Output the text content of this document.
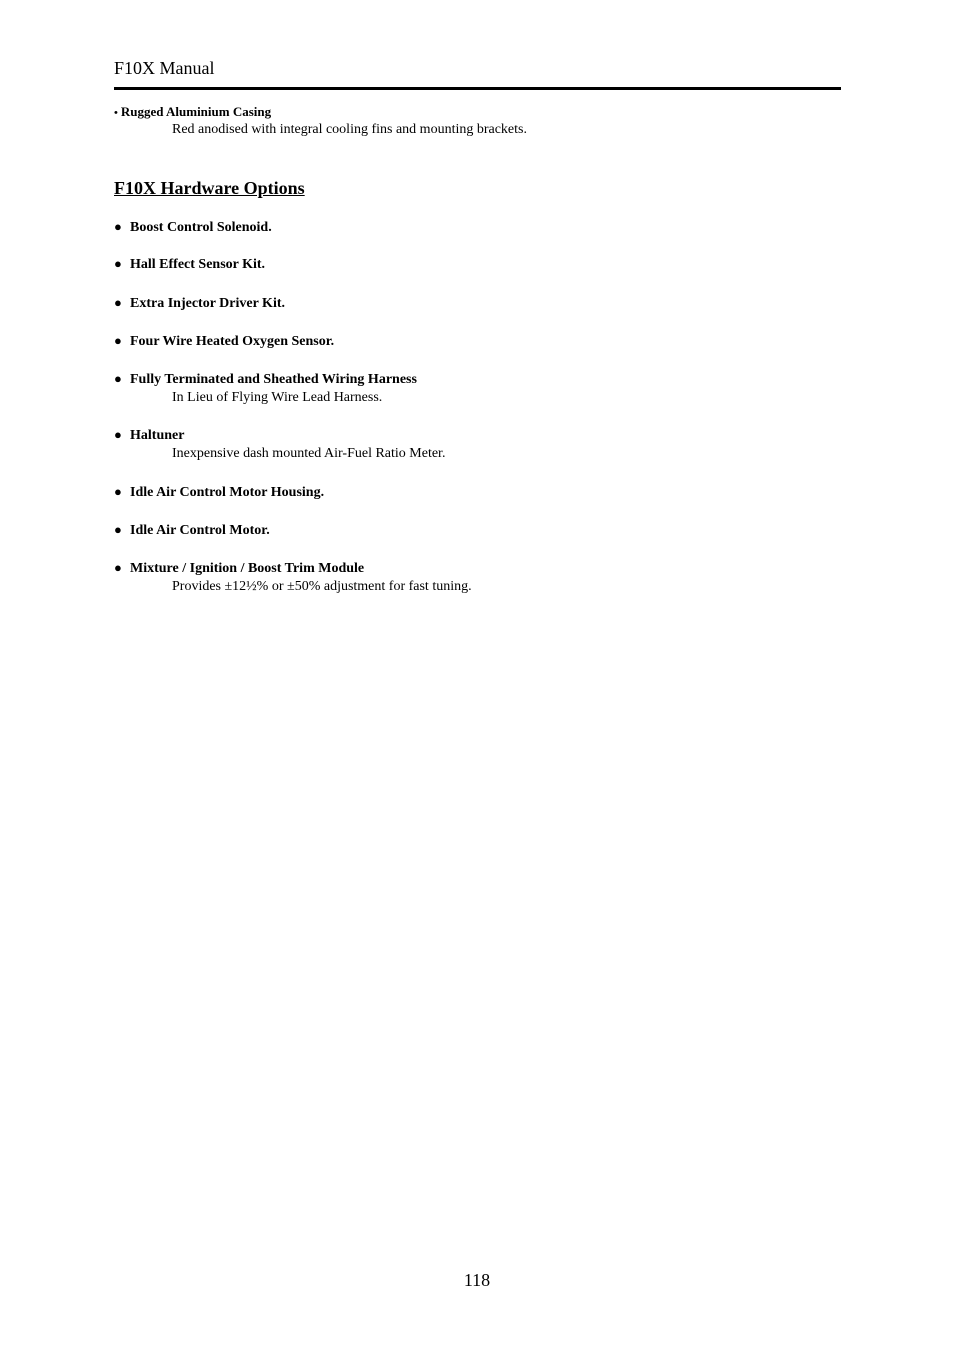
F10X Manual
• Rugged Aluminium Casing
Red anodised with integral cooling fins and mounting brackets.
F10X Hardware Options
● Boost Control Solenoid.
● Hall Effect Sensor Kit.
● Extra Injector Driver Kit.
● Four Wire Heated Oxygen Sensor.
● Fully Terminated and Sheathed Wiring Harness
In Lieu of Flying Wire Lead Harness.
● Haltuner
Inexpensive dash mounted Air-Fuel Ratio Meter.
● Idle Air Control Motor Housing.
● Idle Air Control Motor.
● Mixture / Ignition / Boost Trim Module
Provides ±12½% or ±50% adjustment for fast tuning.
118
